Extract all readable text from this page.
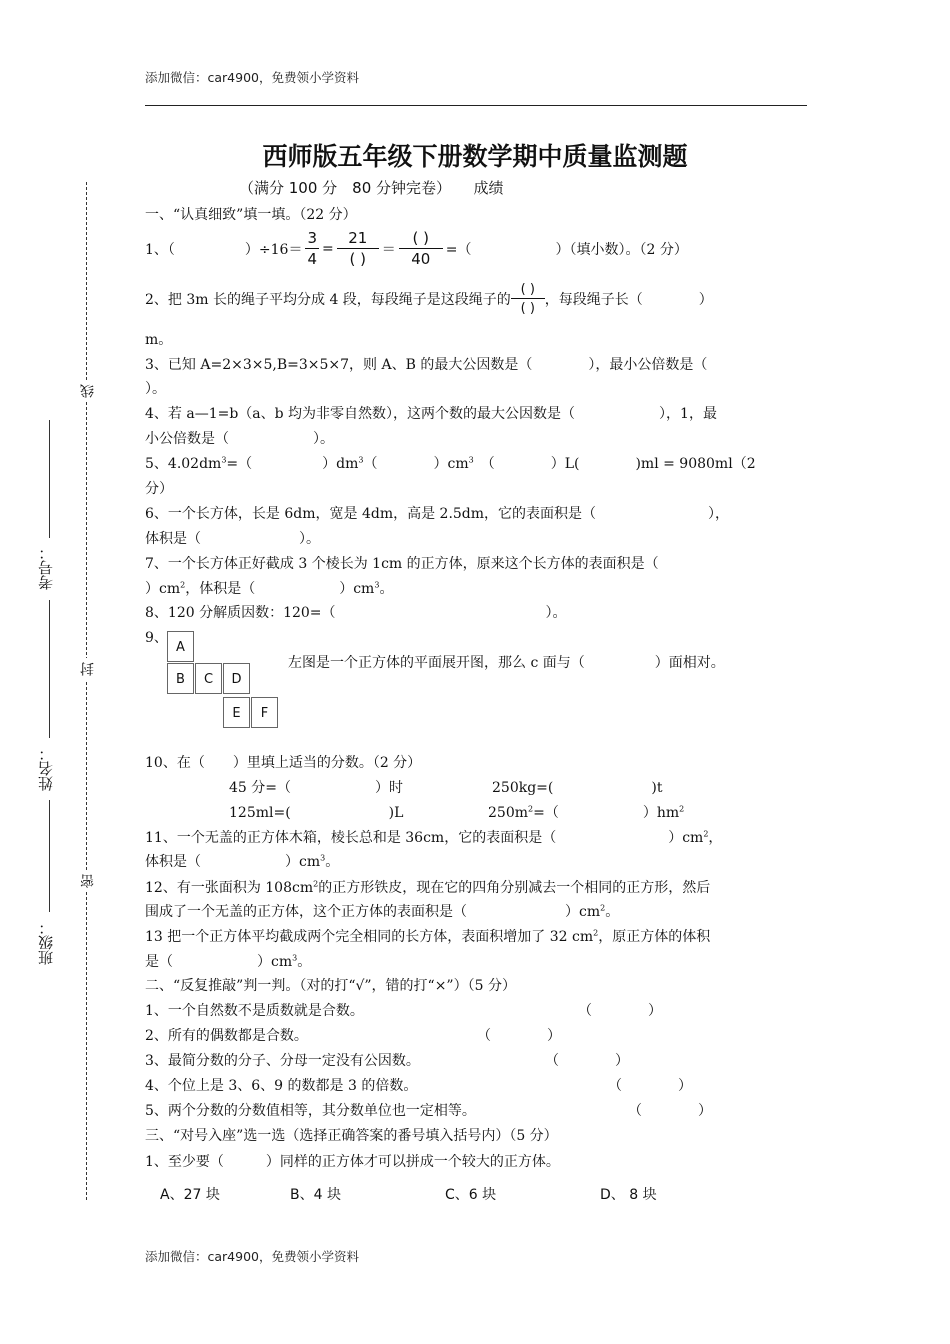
添加微信：car4900，免费领小学资料
西师版五年级下册数学期中质量监测题
（满分 100 分　80 分钟完卷）　　成绩
线
封
密
考号：
姓名：
班级：
一、“认真细致”填一填。（22 分）
1、（　　　　　）$\div 16= \frac{3}{4} = \frac{21}{( )} = \frac{( )}{40}$ =（　　　　　　）（填小数）。（2 分）
2、把 3m 长的绳子平均分成 4 段，每段绳子是这段绳子的 $\frac{( )}{( )}$ ，每段绳子长（　　　　）
m。
3、已知 A=2×3×5,B=3×5×7，则 A、B 的最大公因数是（　　　　），最小公倍数是（
）。
4、若 a—1=b（a、b 均为非零自然数），这两个数的最大公因数是（　　　　　　），1，最
小公倍数是（　　　　　　）。
5、$4.02dm^3=$（　　　　　）$dm^3$（　　　　）$cm^3$　（　　　　）L(　　　　)ml = 9080ml（2
分）
6、一个长方体，长是 6dm，宽是 4dm，高是 2.5dm，它的表面积是（　　　　　　　　），
体积是（　　　　　　　）。
7、一个长方体正好截成 3 个棱长为 1cm 的正方体，原来这个长方体的表面积是（
）$cm^2$，体积是（　　　　　　）$cm^3$。
8、120 分解质因数：120=（　　　　　　　　　　　　　　　）。
9、
A
B	C	D
E	F
左图是一个正方体的平面展开图，那么 c 面与（　　　　　）面相对。
10、在（　　）里填上适当的分数。（2 分）
45 分=（　　　　　　）时	250kg=(　　　　　　　)t
125ml=(　　　　　　　)L	$250m^2=$（　　　　　　）$hm^2$
11、一个无盖的正方体木箱，棱长总和是 36cm，它的表面积是（　　　　　　　　）$cm^2$，
体积是（　　　　　　）$cm^3$。
12、有一张面积为 $108cm^2$的正方形铁皮，现在它的四角分别减去一个相同的正方形，然后
围成了一个无盖的正方体，这个正方体的表面积是（　　　　　　　）$cm^2$。
13 把一个正方体平均截成两个完全相同的长方体，表面积增加了 32 $cm^2$，原正方体的体积
是（　　　　　　）$cm^3$。
二、“反复推敲”判一判。（对的打“√”，错的打“×”）（5 分）
1、一个自然数不是质数就是合数。	（　　　　）
2、所有的偶数都是合数。	（　　　　）
3、最简分数的分子、分母一定没有公因数。	（　　　　）
4、个位上是 3、6、9 的数都是 3 的倍数。	（　　　　）
5、两个分数的分数值相等，其分数单位也一定相等。	（　　　　）
三、“对号入座”选一选（选择正确答案的番号填入括号内）（5 分）
1、至少要（　　　）同样的正方体才可以拼成一个较大的正方体。
A、27 块	B、4 块	C、6 块	D、 8 块
添加微信：car4900，免费领小学资料
